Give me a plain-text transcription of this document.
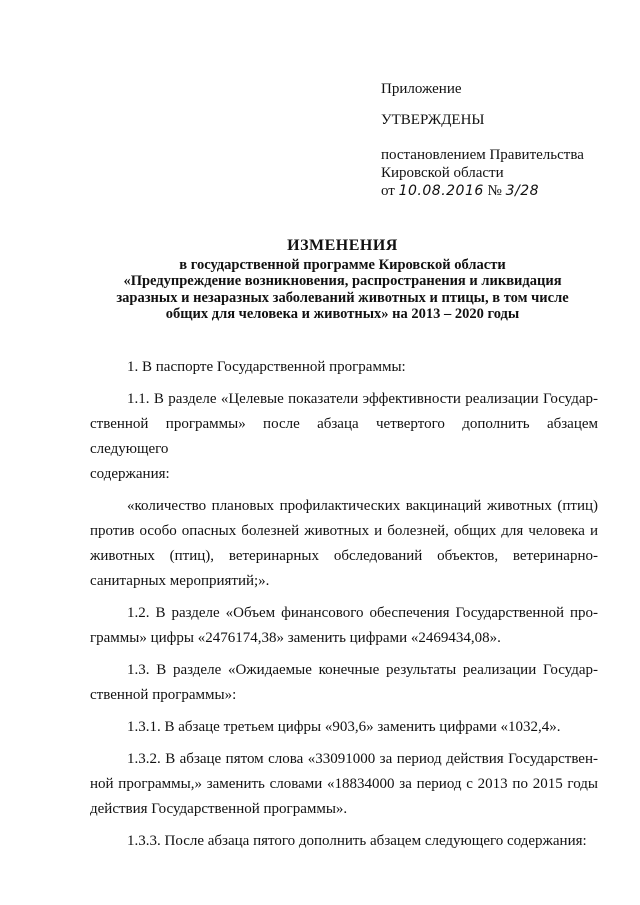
Приложение
УТВЕРЖДЕНЫ
постановлением Правительства
Кировской области
от 10.08.2016 № 3/28
ИЗМЕНЕНИЯ
в государственной программе Кировской области
«Предупреждение возникновения, распространения и ликвидация
заразных и незаразных заболеваний животных и птицы, в том числе
общих для человека и животных» на 2013 – 2020 годы
1. В паспорте Государственной программы:
1.1. В разделе «Целевые показатели эффективности реализации Государ-
ственной программы» после абзаца четвертого дополнить абзацем следующего
содержания:
«количество плановых профилактических вакцинаций животных (птиц)
против особо опасных болезней животных и болезней, общих для человека и
животных (птиц), ветеринарных обследований объектов, ветеринарно-
санитарных мероприятий;».
1.2. В разделе «Объем финансового обеспечения Государственной про-
граммы» цифры «2476174,38» заменить цифрами «2469434,08».
1.3. В разделе «Ожидаемые конечные результаты реализации Государ-
ственной программы»:
1.3.1. В абзаце третьем цифры «903,6» заменить цифрами «1032,4».
1.3.2. В абзаце пятом слова «33091000 за период действия Государствен-
ной программы,» заменить словами «18834000 за период с 2013 по 2015 годы
действия Государственной программы».
1.3.3. После абзаца пятого дополнить абзацем следующего содержания:
